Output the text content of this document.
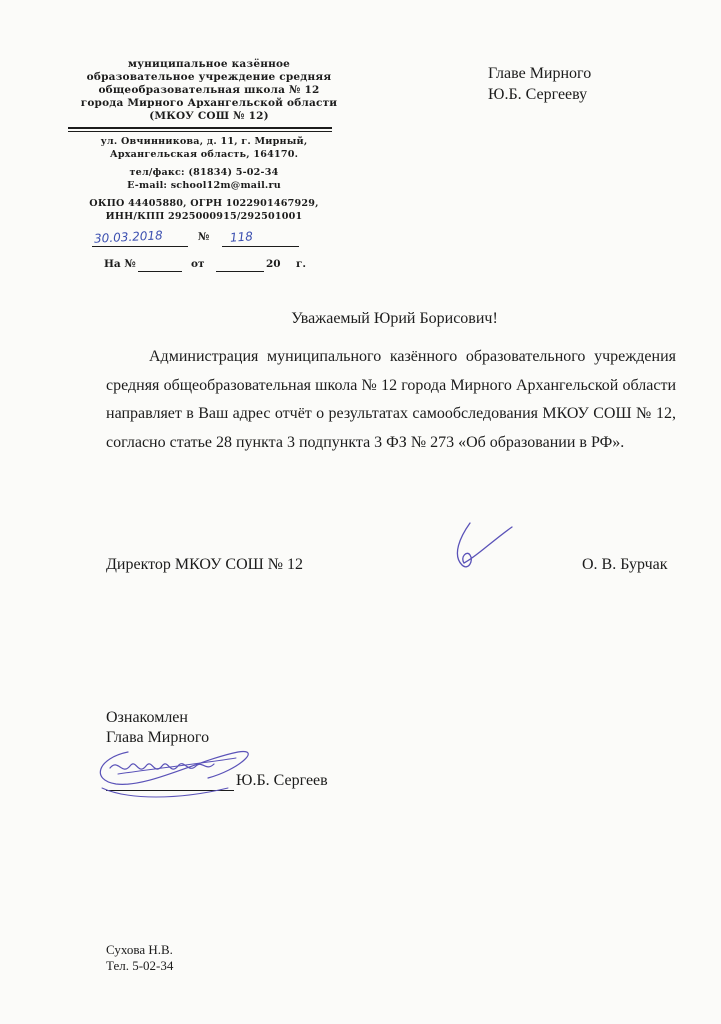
муниципальное казённое
образовательное учреждение средняя
общеобразовательная школа № 12
города Мирного Архангельской области
(МКОУ СОШ № 12)
ул. Овчинникова, д. 11, г. Мирный,
Архангельская область, 164170.
тел/факс: (81834) 5-02-34
E-mail: school12m@mail.ru
ОКПО 44405880, ОГРН 1022901467929,
ИНН/КПП 2925000915/292501001
30.03.2018	№ 118
На №	от	20 г.
Главе Мирного
Ю.Б. Сергееву
Уважаемый Юрий Борисович!
Администрация муниципального казённого образовательного учреждения средняя общеобразовательная школа № 12 города Мирного Архангельской области направляет в Ваш адрес отчёт о результатах самообследования МКОУ СОШ № 12, согласно статье 28 пункта 3 подпункта 3 ФЗ № 273 «Об образовании в РФ».
Директор МКОУ СОШ № 12	О. В. Бурчак
Ознакомлен
Глава Мирного
Ю.Б. Сергеев
Сухова Н.В.
Тел. 5-02-34
